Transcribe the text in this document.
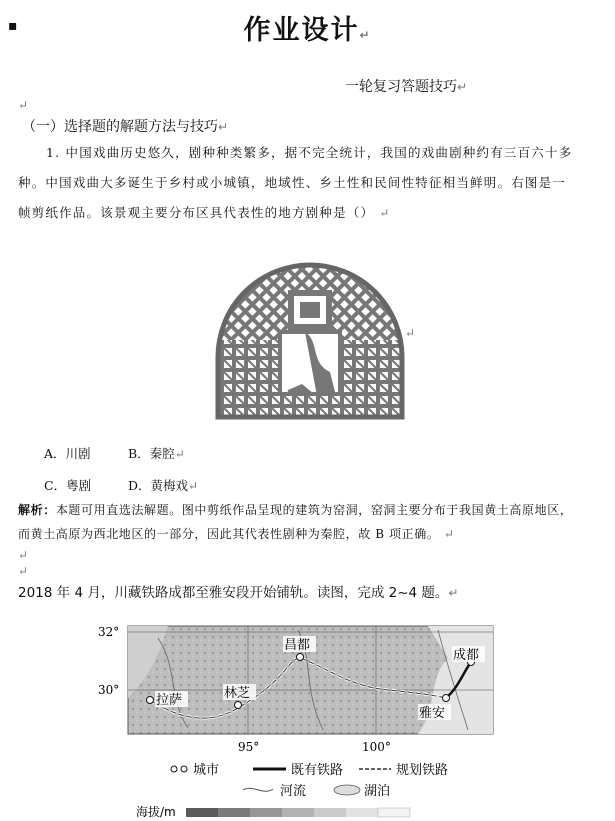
▪	作业设计↵
一轮复习答题技巧↵
↵
（一）选择题的解题方法与技巧↵
1. 中国戏曲历史悠久，剧种种类繁多，据不完全统计，我国的戏曲剧种约有三百六十多种。中国戏曲大多诞生于乡村或小城镇，地域性、乡土性和民间性特征相当鲜明。右图是一帧剪纸作品。该景观主要分布区具代表性的地方剧种是（） ↵
↵
A．川剧	B．秦腔↵
C．粤剧	D．黄梅戏↵
解析：本题可用直选法解题。图中剪纸作品呈现的建筑为窑洞，窑洞主要分布于我国黄土高原地区，而黄土高原为西北地区的一部分，因此其代表性剧种为秦腔，故 B 项正确。 ↵
↵
↵
2018 年 4 月，川藏铁路成都至雅安段开始铺轨。读图，完成 2~4 题。↵
拉萨	林芝
昌都
成都
雅安
32°
30°
95°	100°
城市	既有铁路	规划铁路
河流	湖泊
海拔/m
